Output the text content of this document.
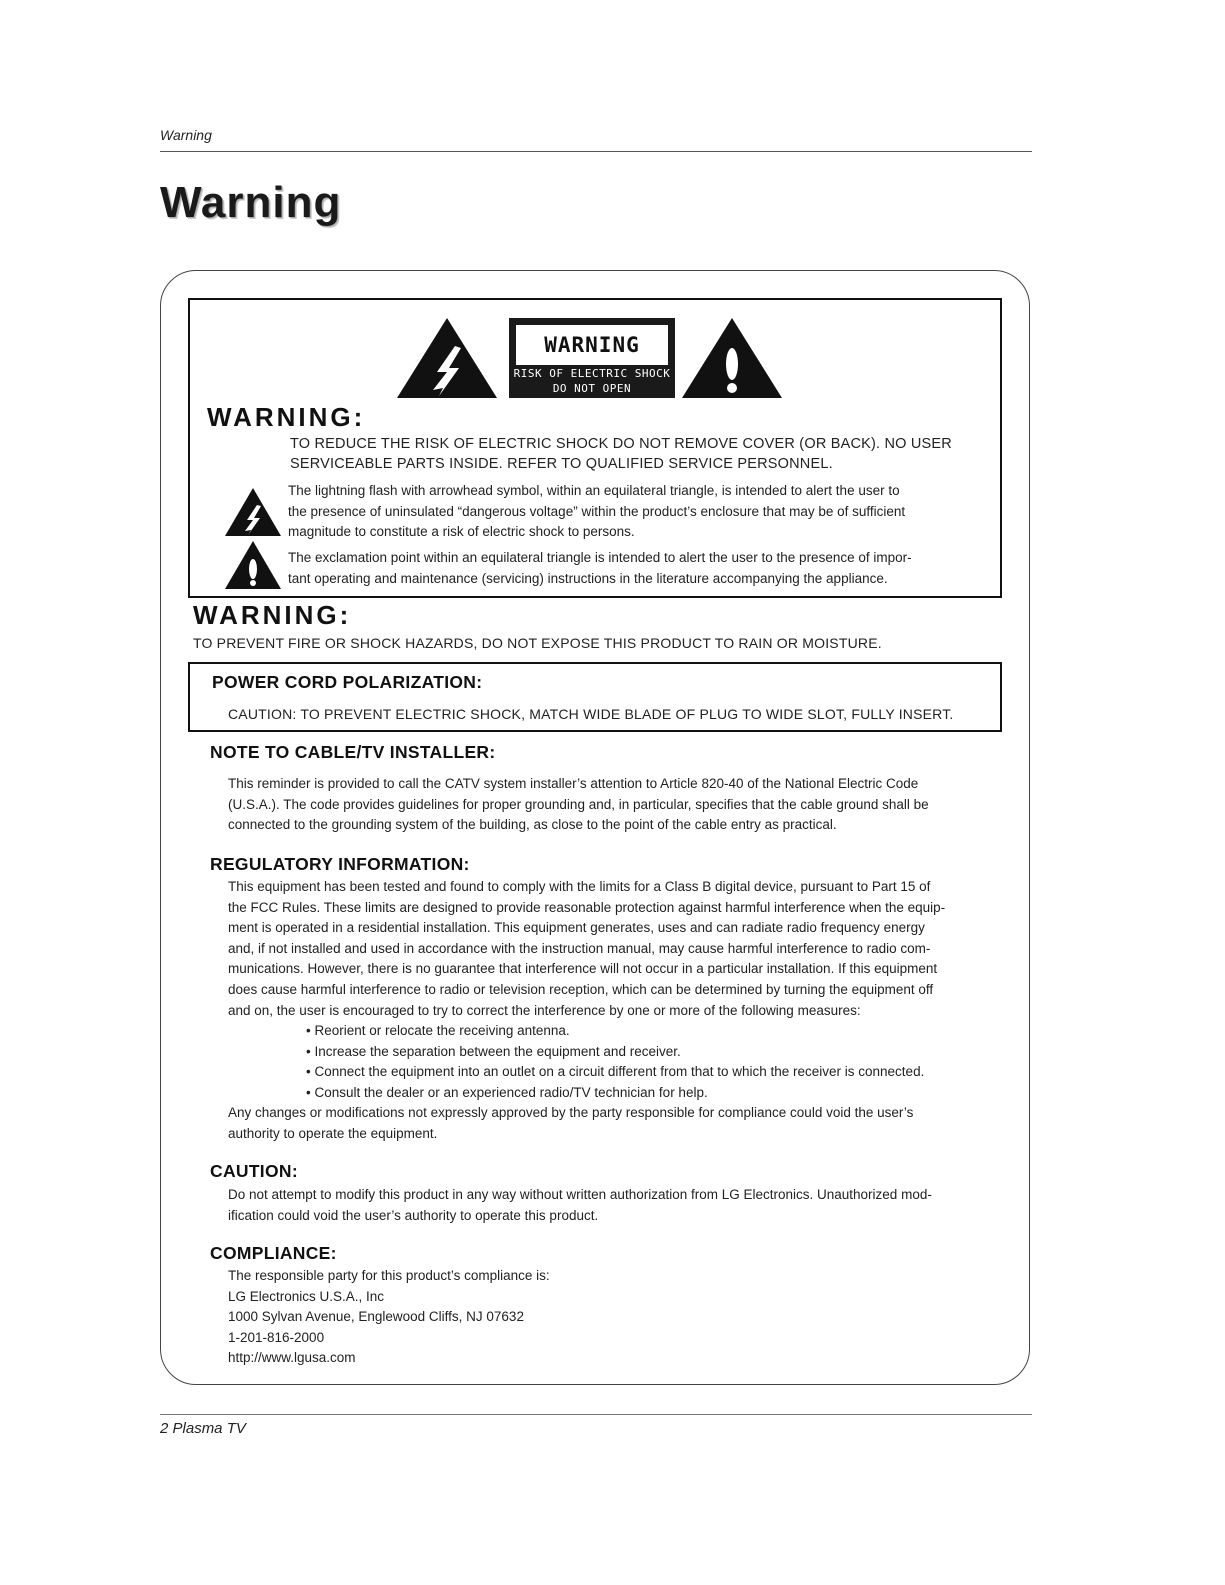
Warning
Warning
WARNING
RISK OF ELECTRIC SHOCK
DO NOT OPEN
WARNING:
TO REDUCE THE RISK OF ELECTRIC SHOCK DO NOT REMOVE COVER (OR BACK). NO USER
SERVICEABLE PARTS INSIDE. REFER TO QUALIFIED SERVICE PERSONNEL.
The lightning flash with arrowhead symbol, within an equilateral triangle, is intended to alert the user to
the presence of uninsulated “dangerous voltage” within the product’s enclosure that may be of sufficient
magnitude to constitute a risk of electric shock to persons.
The exclamation point within an equilateral triangle is intended to alert the user to the presence of impor-
tant operating and maintenance (servicing) instructions in the literature accompanying the appliance.
WARNING:
TO PREVENT FIRE OR SHOCK HAZARDS, DO NOT EXPOSE THIS PRODUCT TO RAIN OR MOISTURE.
POWER CORD POLARIZATION:
CAUTION: TO PREVENT ELECTRIC SHOCK, MATCH WIDE BLADE OF PLUG TO WIDE SLOT, FULLY INSERT.
NOTE TO CABLE/TV INSTALLER:
This reminder is provided to call the CATV system installer’s attention to Article 820-40 of the National Electric Code
(U.S.A.). The code provides guidelines for proper grounding and, in particular, specifies that the cable ground shall be
connected to the grounding system of the building, as close to the point of the cable entry as practical.
REGULATORY INFORMATION:
This equipment has been tested and found to comply with the limits for a Class B digital device, pursuant to Part 15 of
the FCC Rules. These limits are designed to provide reasonable protection against harmful interference when the equip-
ment is operated in a residential installation. This equipment generates, uses and can radiate radio frequency energy
and, if not installed and used in accordance with the instruction manual, may cause harmful interference to radio com-
munications. However, there is no guarantee that interference will not occur in a particular installation. If this equipment
does cause harmful interference to radio or television reception, which can be determined by turning the equipment off
and on, the user is encouraged to try to correct the interference by one or more of the following measures:
• Reorient or relocate the receiving antenna.
• Increase the separation between the equipment and receiver.
• Connect the equipment into an outlet on a circuit different from that to which the receiver is connected.
• Consult the dealer or an experienced radio/TV technician for help.
Any changes or modifications not expressly approved by the party responsible for compliance could void the user’s
authority to operate the equipment.
CAUTION:
Do not attempt to modify this product in any way without written authorization from LG Electronics. Unauthorized mod-
ification could void the user’s authority to operate this product.
COMPLIANCE:
The responsible party for this product’s compliance is:
LG Electronics U.S.A., Inc
1000 Sylvan Avenue, Englewood Cliffs, NJ 07632
1-201-816-2000
http://www.lgusa.com
2 Plasma TV
